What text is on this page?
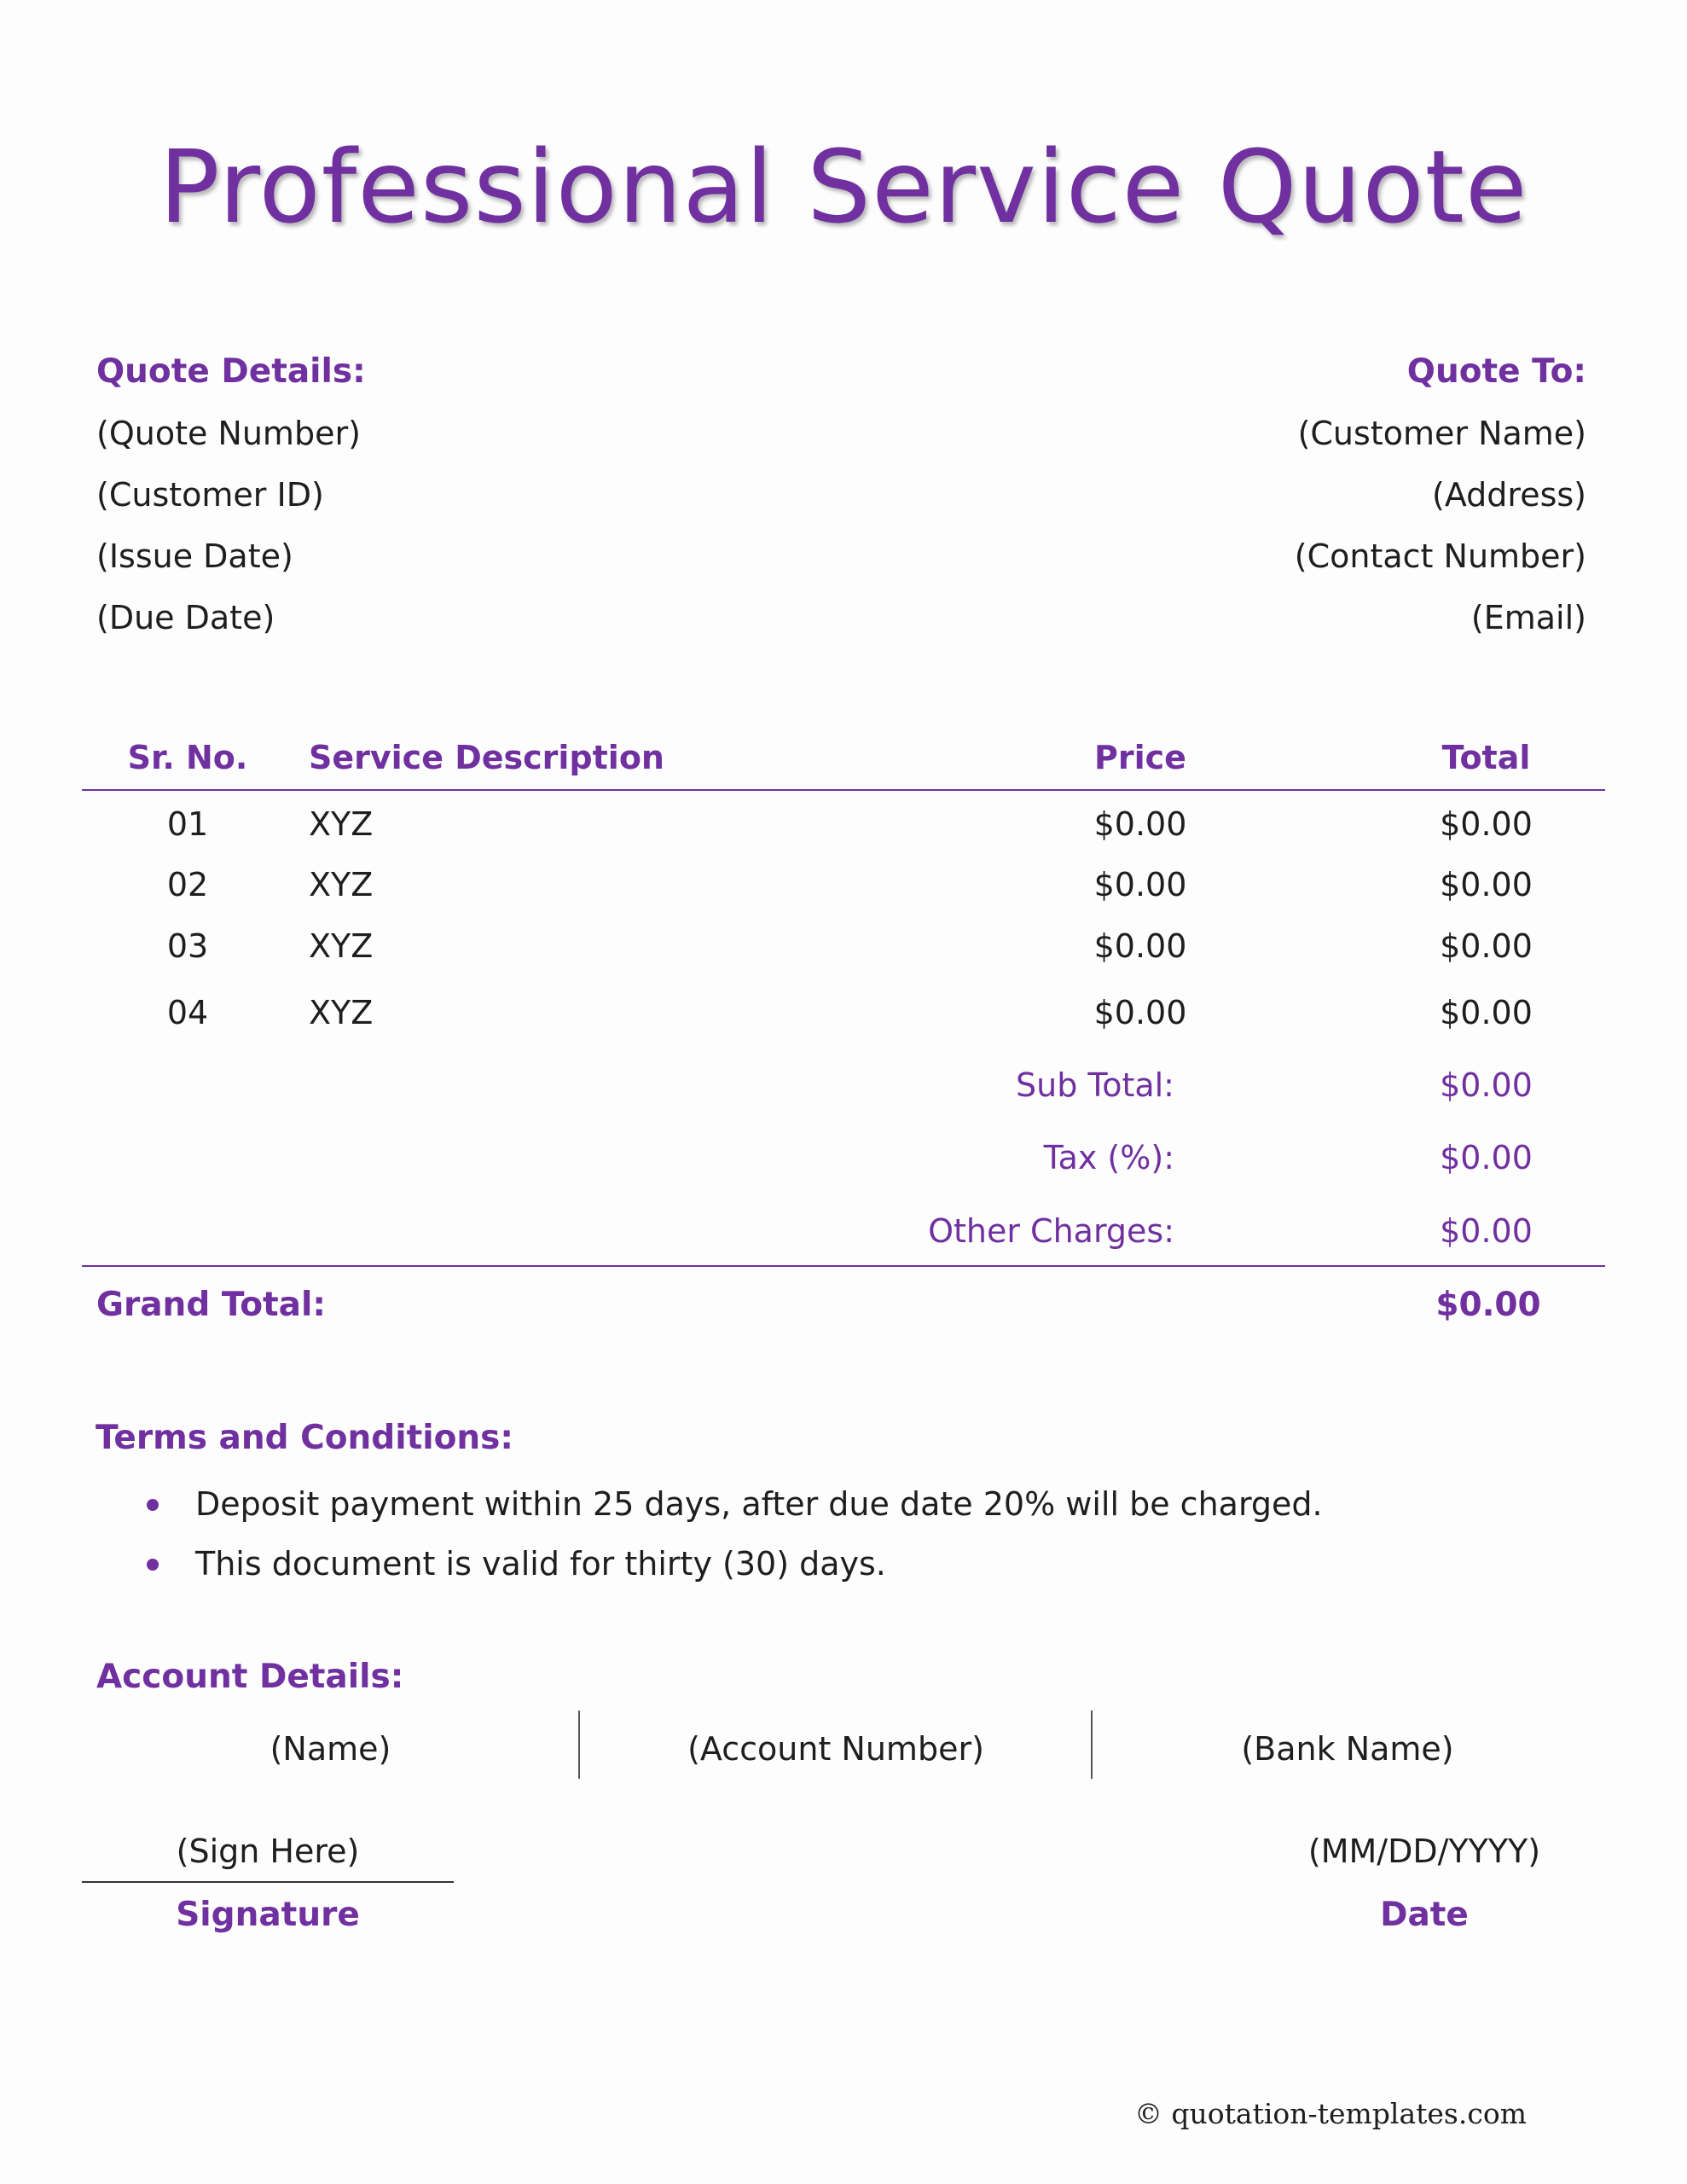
Professional Service Quote
Quote Details:
(Quote Number)
(Customer ID)
(Issue Date)
(Due Date)
Quote To:
(Customer Name)
(Address)
(Contact Number)
(Email)
Sr. No.	Service Description	Price	Total
01	XYZ	$0.00	$0.00
02	XYZ	$0.00	$0.00
03	XYZ	$0.00	$0.00
04	XYZ	$0.00	$0.00
Sub Total:	$0.00
Tax (%):	$0.00
Other Charges:	$0.00
Grand Total:	$0.00
Terms and Conditions:
Deposit payment within 25 days, after due date 20% will be charged.
This document is valid for thirty (30) days.
Account Details:
(Name)	(Account Number)	(Bank Name)
(Sign Here)
Signature
(MM/DD/YYYY)
Date
© quotation-templates.com
